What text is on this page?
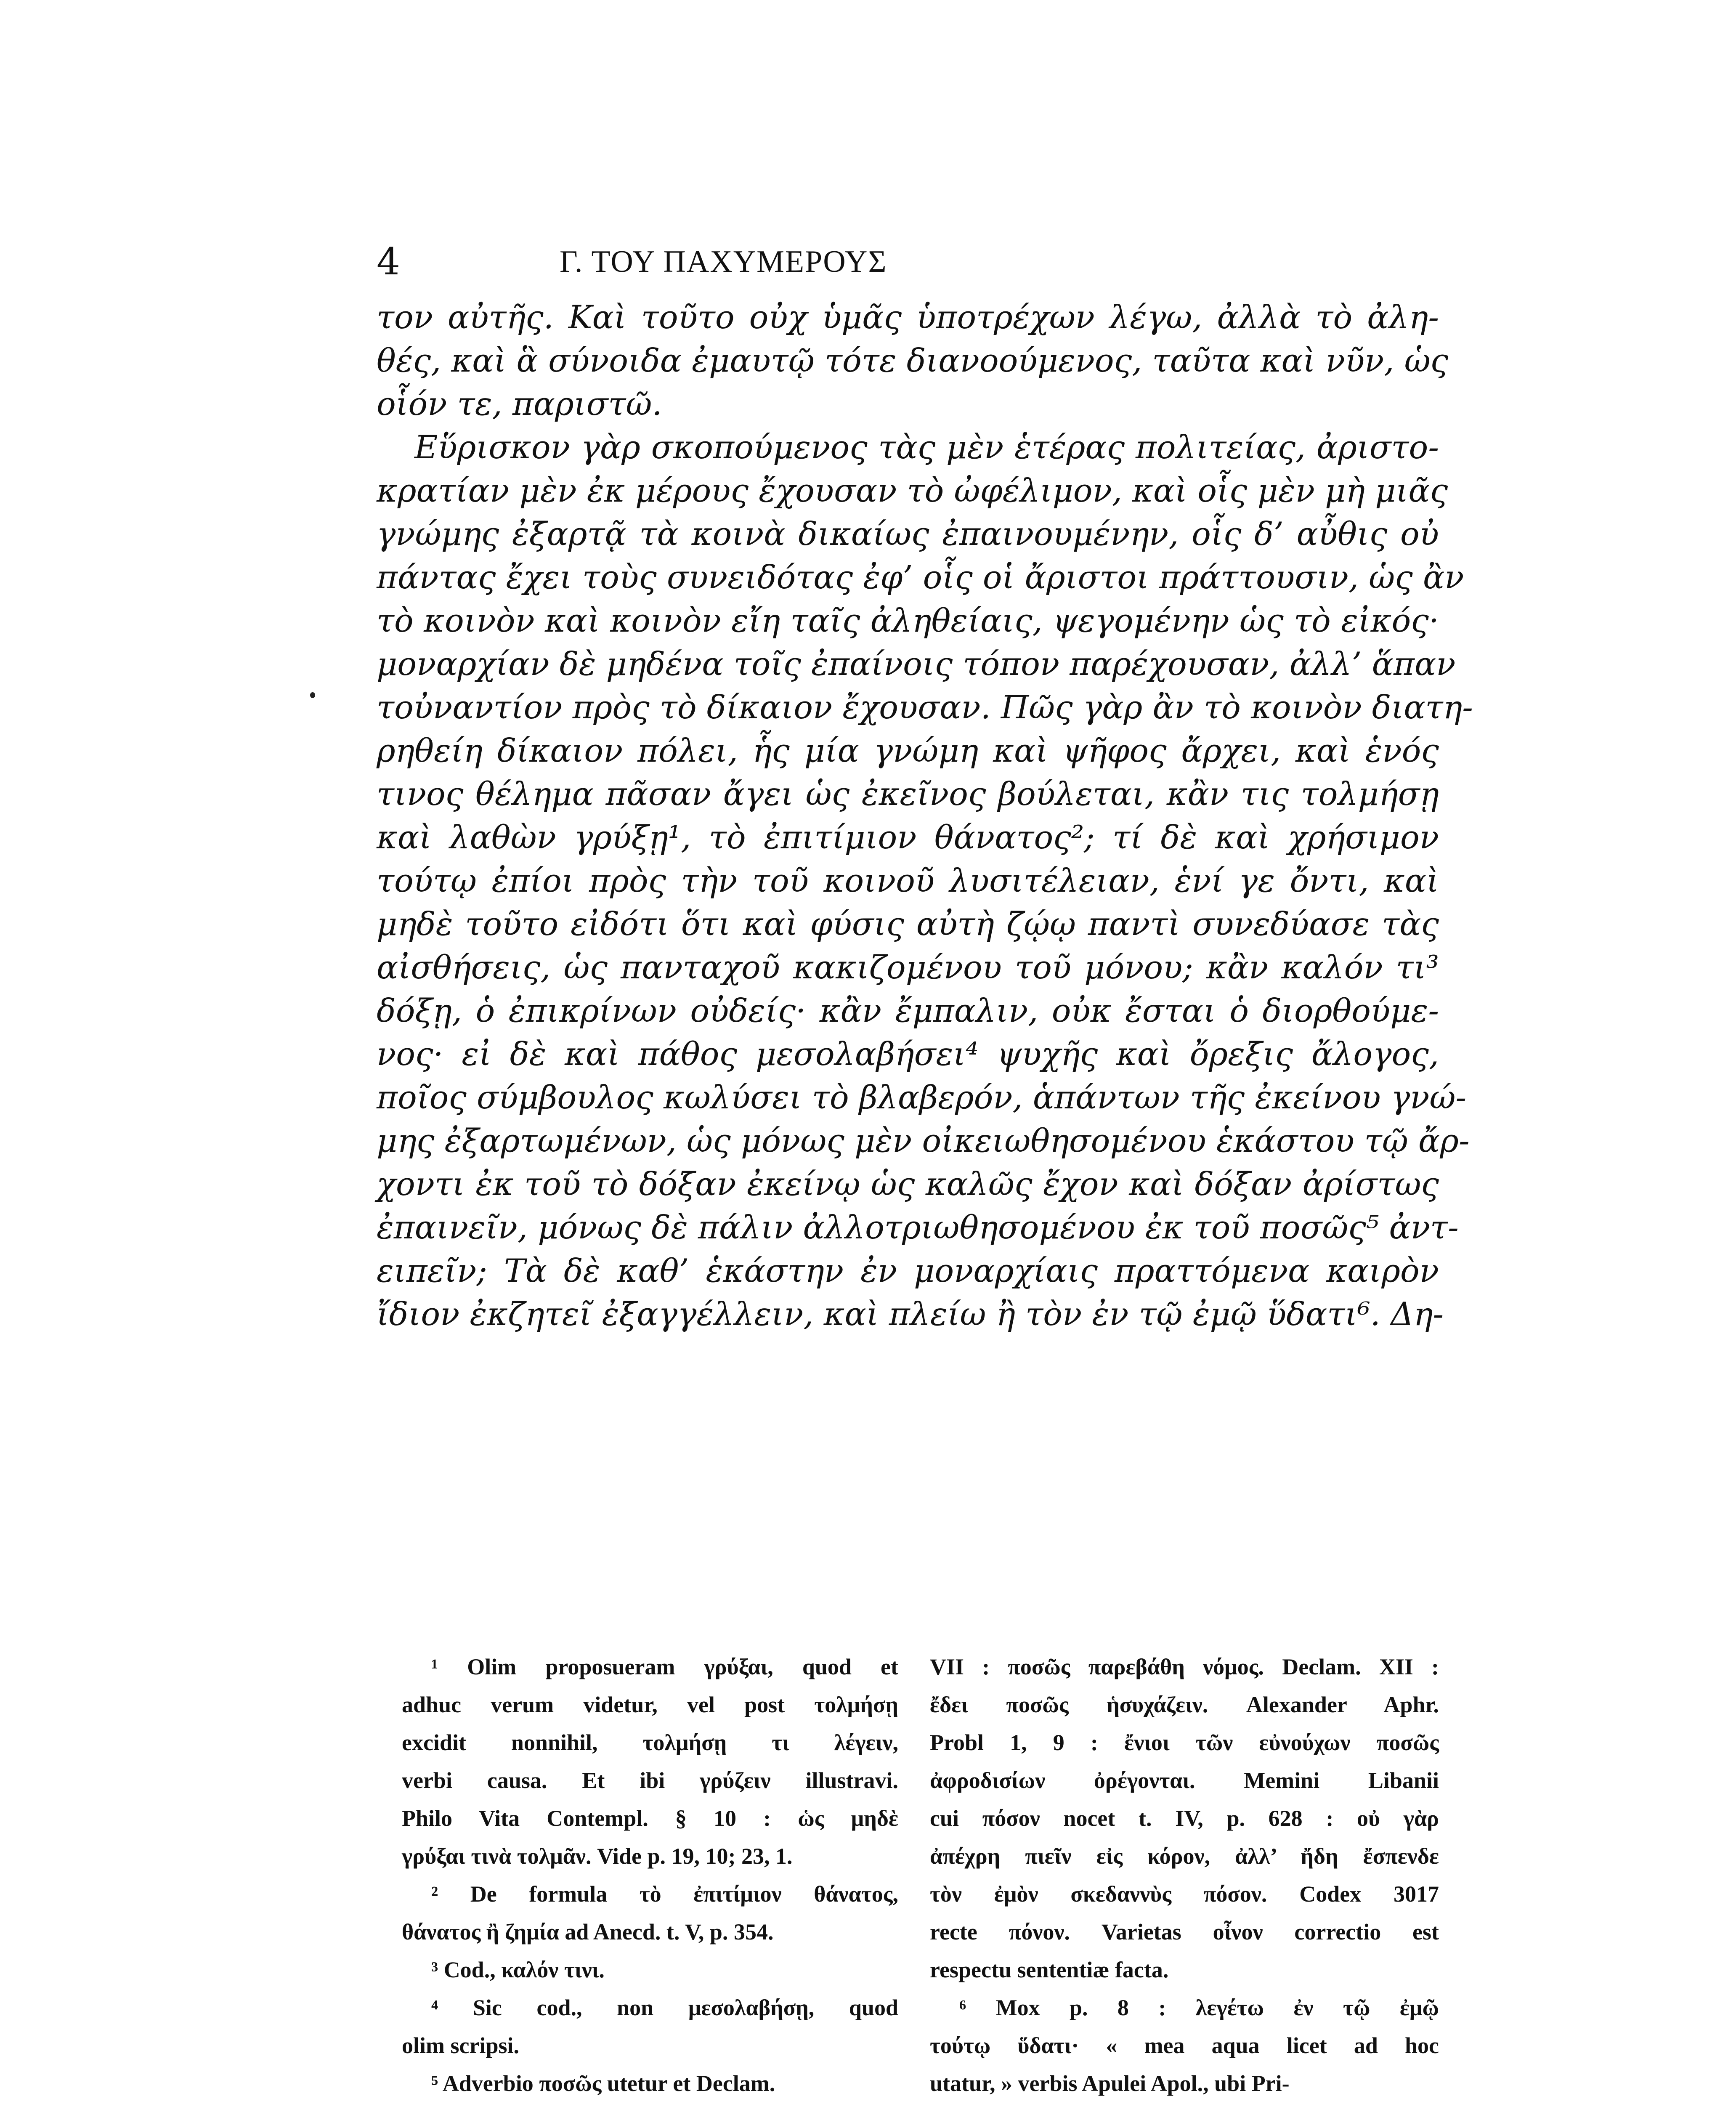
4	Γ. ΤΟΥ ΠΑΧΥΜΕΡΟΥΣ
τον αὐτῆς. Καὶ τοῦτο οὐχ ὑμᾶς ὑποτρέχων λέγω, ἀλλὰ τὸ ἀλη-
θές, καὶ ἃ σύνοιδα ἐμαυτῷ τότε διανοούμενος, ταῦτα καὶ νῦν, ὡς
οἷόν τε, παριστῶ.
Εὕρισκον γὰρ σκοπούμενος τὰς μὲν ἑτέρας πολιτείας, ἀριστο-
κρατίαν μὲν ἐκ μέρους ἔχουσαν τὸ ὠφέλιμον, καὶ οἷς μὲν μὴ μιᾶς
γνώμης ἐξαρτᾷ τὰ κοινὰ δικαίως ἐπαινουμένην, οἷς δ’ αὖθις οὐ
πάντας ἔχει τοὺς συνειδότας ἐφ’ οἷς οἱ ἄριστοι πράττουσιν, ὡς ἂν
τὸ κοινὸν καὶ κοινὸν εἴη ταῖς ἀληθείαις, ψεγομένην ὡς τὸ εἰκός·
μοναρχίαν δὲ μηδένα τοῖς ἐπαίνοις τόπον παρέχουσαν, ἀλλ’ ἅπαν
τοὐναντίον πρὸς τὸ δίκαιον ἔχουσαν. Πῶς γὰρ ἂν τὸ κοινὸν διατη-
ρηθείη δίκαιον πόλει, ἧς μία γνώμη καὶ ψῆφος ἄρχει, καὶ ἑνός
τινος θέλημα πᾶσαν ἄγει ὡς ἐκεῖνος βούλεται, κἂν τις τολμήσῃ
καὶ λαθὼν γρύξῃ¹, τὸ ἐπιτίμιον θάνατος²; τί δὲ καὶ χρήσιμον
τούτῳ ἐπίοι πρὸς τὴν τοῦ κοινοῦ λυσιτέλειαν, ἑνί γε ὄντι, καὶ
μηδὲ τοῦτο εἰδότι ὅτι καὶ φύσις αὐτὴ ζῴῳ παντὶ συνεδύασε τὰς
αἰσθήσεις, ὡς πανταχοῦ κακιζομένου τοῦ μόνου; κἂν καλόν τι³
δόξῃ, ὁ ἐπικρίνων οὐδείς· κἂν ἔμπαλιν, οὐκ ἔσται ὁ διορθούμε-
νος· εἰ δὲ καὶ πάθος μεσολαβήσει⁴ ψυχῆς καὶ ὄρεξις ἄλογος,
ποῖος σύμβουλος κωλύσει τὸ βλαβερόν, ἁπάντων τῆς ἐκείνου γνώ-
μης ἐξαρτωμένων, ὡς μόνως μὲν οἰκειωθησομένου ἑκάστου τῷ ἄρ-
χοντι ἐκ τοῦ τὸ δόξαν ἐκείνῳ ὡς καλῶς ἔχον καὶ δόξαν ἀρίστως
ἐπαινεῖν, μόνως δὲ πάλιν ἀλλοτριωθησομένου ἐκ τοῦ ποσῶς⁵ ἀντ-
ειπεῖν; Τὰ δὲ καθ’ ἑκάστην ἐν μοναρχίαις πραττόμενα καιρὸν
ἴδιον ἐκζητεῖ ἐξαγγέλλειν, καὶ πλείω ἢ τὸν ἐν τῷ ἐμῷ ὕδατι⁶. Δη-
¹ Olim proposueram γρύξαι, quod et
adhuc verum videtur, vel post τολμήσῃ
excidit nonnihil, τολμήσῃ τι λέγειν,
verbi causa. Et ibi γρύζειν illustravi.
Philo Vita Contempl. § 10 : ὡς μηδὲ
γρύξαι τινὰ τολμᾶν. Vide p. 19, 10; 23, 1.
² De formula τὸ ἐπιτίμιον θάνατος,
θάνατος ἢ ζημία ad Anecd. t. V, p. 354.
³ Cod., καλόν τινι.
⁴ Sic cod., non μεσολαβήσῃ, quod
olim scripsi.
⁵ Adverbio ποσῶς utetur et Declam.
VII : ποσῶς παρεβάθη νόμος. Declam. XII :
ἔδει ποσῶς ἡσυχάζειν. Alexander Aphr.
Probl 1, 9 : ἔνιοι τῶν εὐνούχων ποσῶς
ἀφροδισίων ὀρέγονται. Memini Libanii
cui πόσον nocet t. IV, p. 628 : οὐ γὰρ
ἀπέχρη πιεῖν εἰς κόρον, ἀλλ’ ἤδη ἔσπενδε
τὸν ἐμὸν σκεδαννὺς πόσον. Codex 3017
recte πόνον. Varietas οἶνον correctio est
respectu sententiæ facta.
⁶ Mox p. 8 : λεγέτω ἐν τῷ ἐμῷ
τούτῳ ὕδατι· « mea aqua licet ad hoc
utatur, » verbis Apulei Apol., ubi Pri-
